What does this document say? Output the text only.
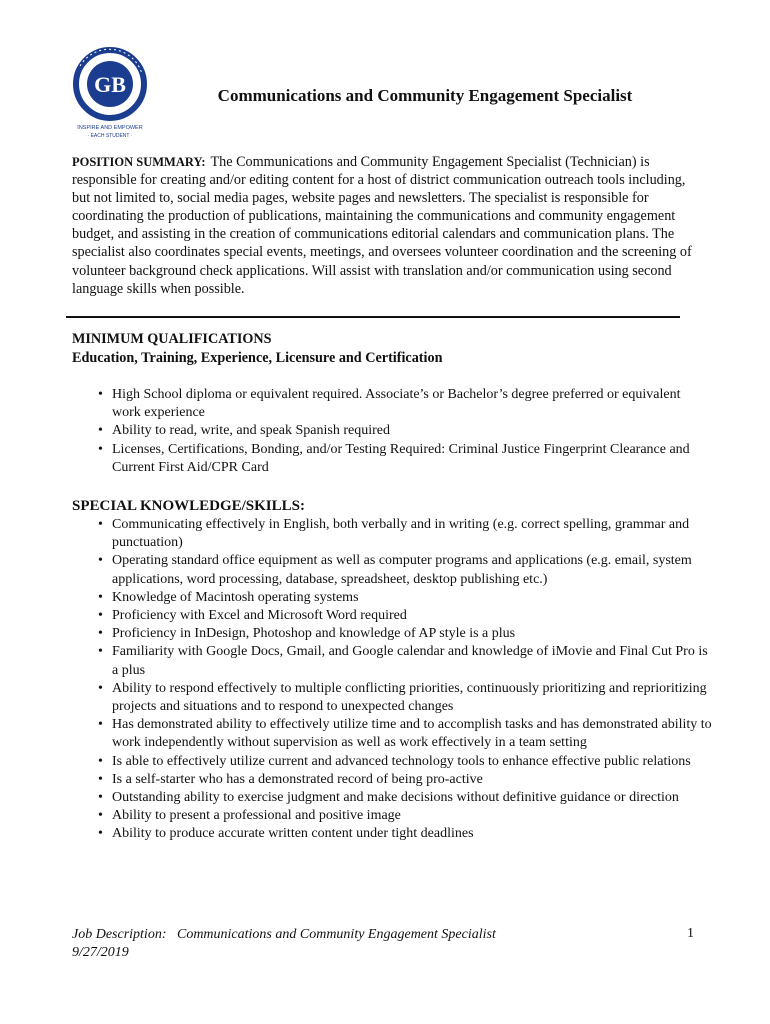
GB
INSPIRE AND EMPOWER
· EACH STUDENT ·
Communications and Community Engagement Specialist
POSITION SUMMARY: The Communications and Community Engagement Specialist (Technician) is responsible for creating and/or editing content for a host of district communication outreach tools including, but not limited to, social media pages, website pages and newsletters. The specialist is responsible for coordinating the production of publications, maintaining the communications and community engagement budget, and assisting in the creation of communications editorial calendars and communication plans. The specialist also coordinates special events, meetings, and oversees volunteer coordination and the screening of volunteer background check applications. Will assist with translation and/or communication using second language skills when possible.
MINIMUM QUALIFICATIONS
Education, Training, Experience, Licensure and Certification
• High School diploma or equivalent required. Associate’s or Bachelor’s degree preferred or equivalent work experience
• Ability to read, write, and speak Spanish required
• Licenses, Certifications, Bonding, and/or Testing Required: Criminal Justice Fingerprint Clearance and Current First Aid/CPR Card
SPECIAL KNOWLEDGE/SKILLS:
• Communicating effectively in English, both verbally and in writing (e.g. correct spelling, grammar and punctuation)
• Operating standard office equipment as well as computer programs and applications (e.g. email, system applications, word processing, database, spreadsheet, desktop publishing etc.)
• Knowledge of Macintosh operating systems
• Proficiency with Excel and Microsoft Word required
• Proficiency in InDesign, Photoshop and knowledge of AP style is a plus
• Familiarity with Google Docs, Gmail, and Google calendar and knowledge of iMovie and Final Cut Pro is a plus
• Ability to respond effectively to multiple conflicting priorities, continuously prioritizing and reprioritizing projects and situations and to respond to unexpected changes
• Has demonstrated ability to effectively utilize time and to accomplish tasks and has demonstrated ability to work independently without supervision as well as work effectively in a team setting
• Is able to effectively utilize current and advanced technology tools to enhance effective public relations
• Is a self-starter who has a demonstrated record of being pro-active
• Outstanding ability to exercise judgment and make decisions without definitive guidance or direction
• Ability to present a professional and positive image
• Ability to produce accurate written content under tight deadlines
Job Description: Communications and Community Engagement Specialist
9/27/2019
1
